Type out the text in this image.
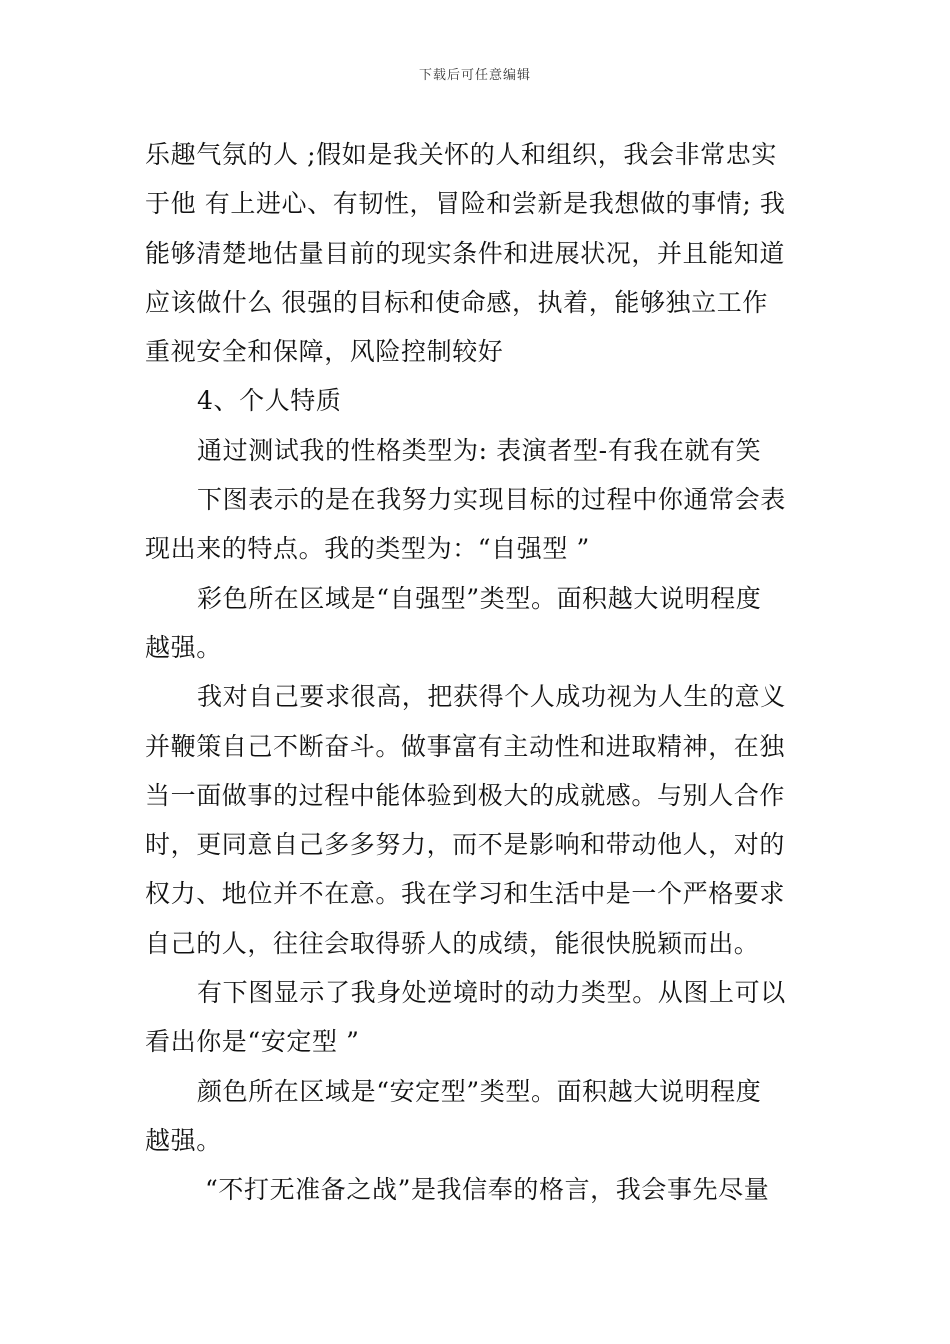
下载后可任意编辑
乐趣气氛的人 ;假如是我关怀的人和组织，我会非常忠实
于他 有上进心、有韧性，冒险和尝新是我想做的事情; 我
能够清楚地估量目前的现实条件和进展状况，并且能知道
应该做什么 很强的目标和使命感，执着，能够独立工作
重视安全和保障，风险控制较好
4、个人特质
通过测试我的性格类型为: 表演者型-有我在就有笑
下图表示的是在我努力实现目标的过程中你通常会表
现出来的特点。我的类型为：“自强型 ”
彩色所在区域是“自强型”类型。面积越大说明程度
越强。
我对自己要求很高，把获得个人成功视为人生的意义
并鞭策自己不断奋斗。做事富有主动性和进取精神，在独
当一面做事的过程中能体验到极大的成就感。与别人合作
时，更同意自己多多努力，而不是影响和带动他人，对的
权力、地位并不在意。我在学习和生活中是一个严格要求
自己的人，往往会取得骄人的成绩，能很快脱颖而出。
有下图显示了我身处逆境时的动力类型。从图上可以
看出你是“安定型 ”
颜色所在区域是“安定型”类型。面积越大说明程度
越强。
“不打无准备之战”是我信奉的格言，我会事先尽量
